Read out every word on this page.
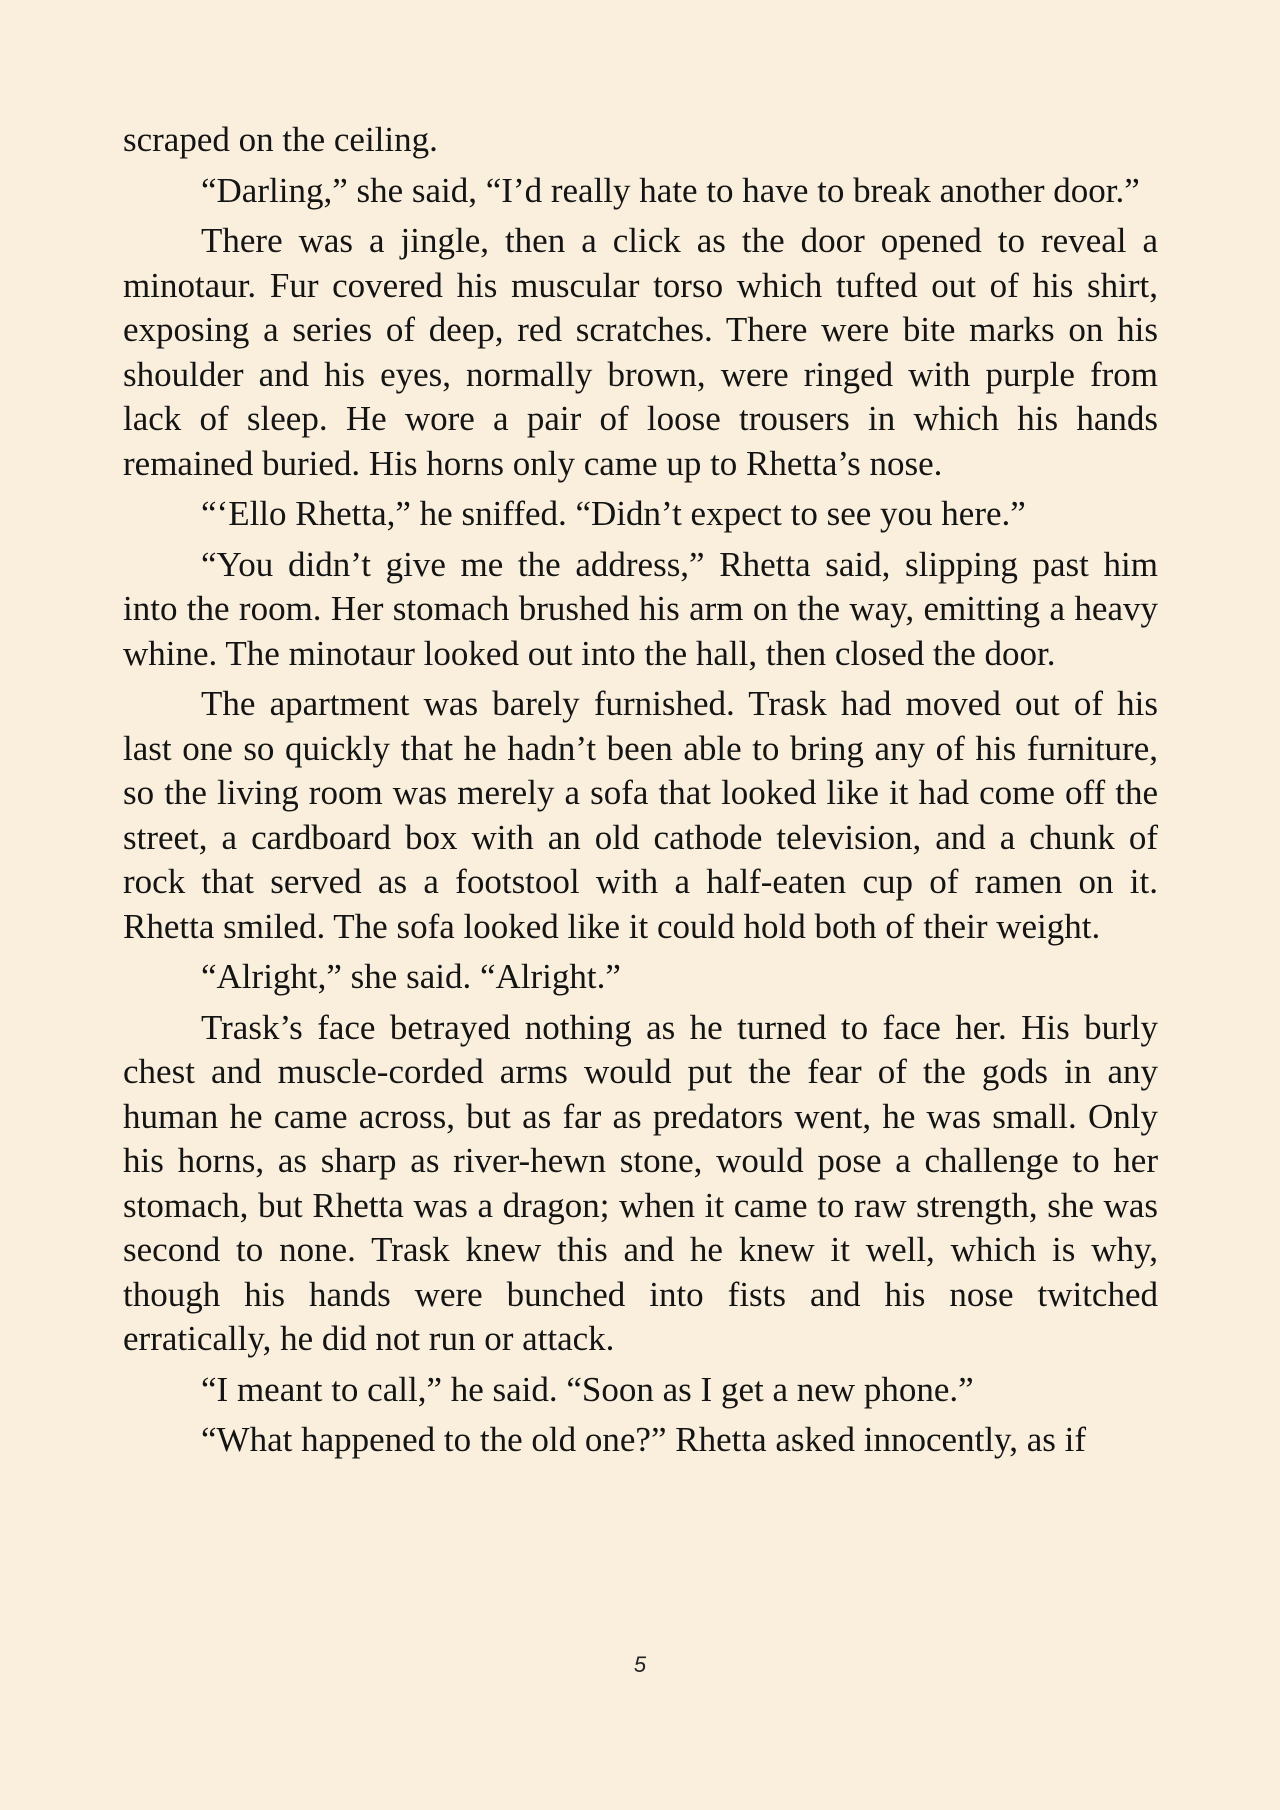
scraped on the ceiling.

“Darling,” she said, “I’d really hate to have to break another door.”

There was a jingle, then a click as the door opened to reveal a minotaur. Fur covered his muscular torso which tufted out of his shirt, exposing a series of deep, red scratches. There were bite marks on his shoulder and his eyes, normally brown, were ringed with purple from lack of sleep. He wore a pair of loose trousers in which his hands remained buried. His horns only came up to Rhetta’s nose.

“‘Ello Rhetta,” he sniffed. “Didn’t expect to see you here.”

“You didn’t give me the address,” Rhetta said, slipping past him into the room. Her stomach brushed his arm on the way, emitting a heavy whine. The minotaur looked out into the hall, then closed the door.

The apartment was barely furnished. Trask had moved out of his last one so quickly that he hadn’t been able to bring any of his furniture, so the living room was merely a sofa that looked like it had come off the street, a cardboard box with an old cathode television, and a chunk of rock that served as a footstool with a half-eaten cup of ramen on it. Rhetta smiled. The sofa looked like it could hold both of their weight.

“Alright,” she said. “Alright.”

Trask’s face betrayed nothing as he turned to face her. His burly chest and muscle-corded arms would put the fear of the gods in any human he came across, but as far as predators went, he was small. Only his horns, as sharp as river-hewn stone, would pose a challenge to her stomach, but Rhetta was a dragon; when it came to raw strength, she was second to none. Trask knew this and he knew it well, which is why, though his hands were bunched into fists and his nose twitched erratically, he did not run or attack.

“I meant to call,” he said. “Soon as I get a new phone.”

“What happened to the old one?” Rhetta asked innocently, as if

5
